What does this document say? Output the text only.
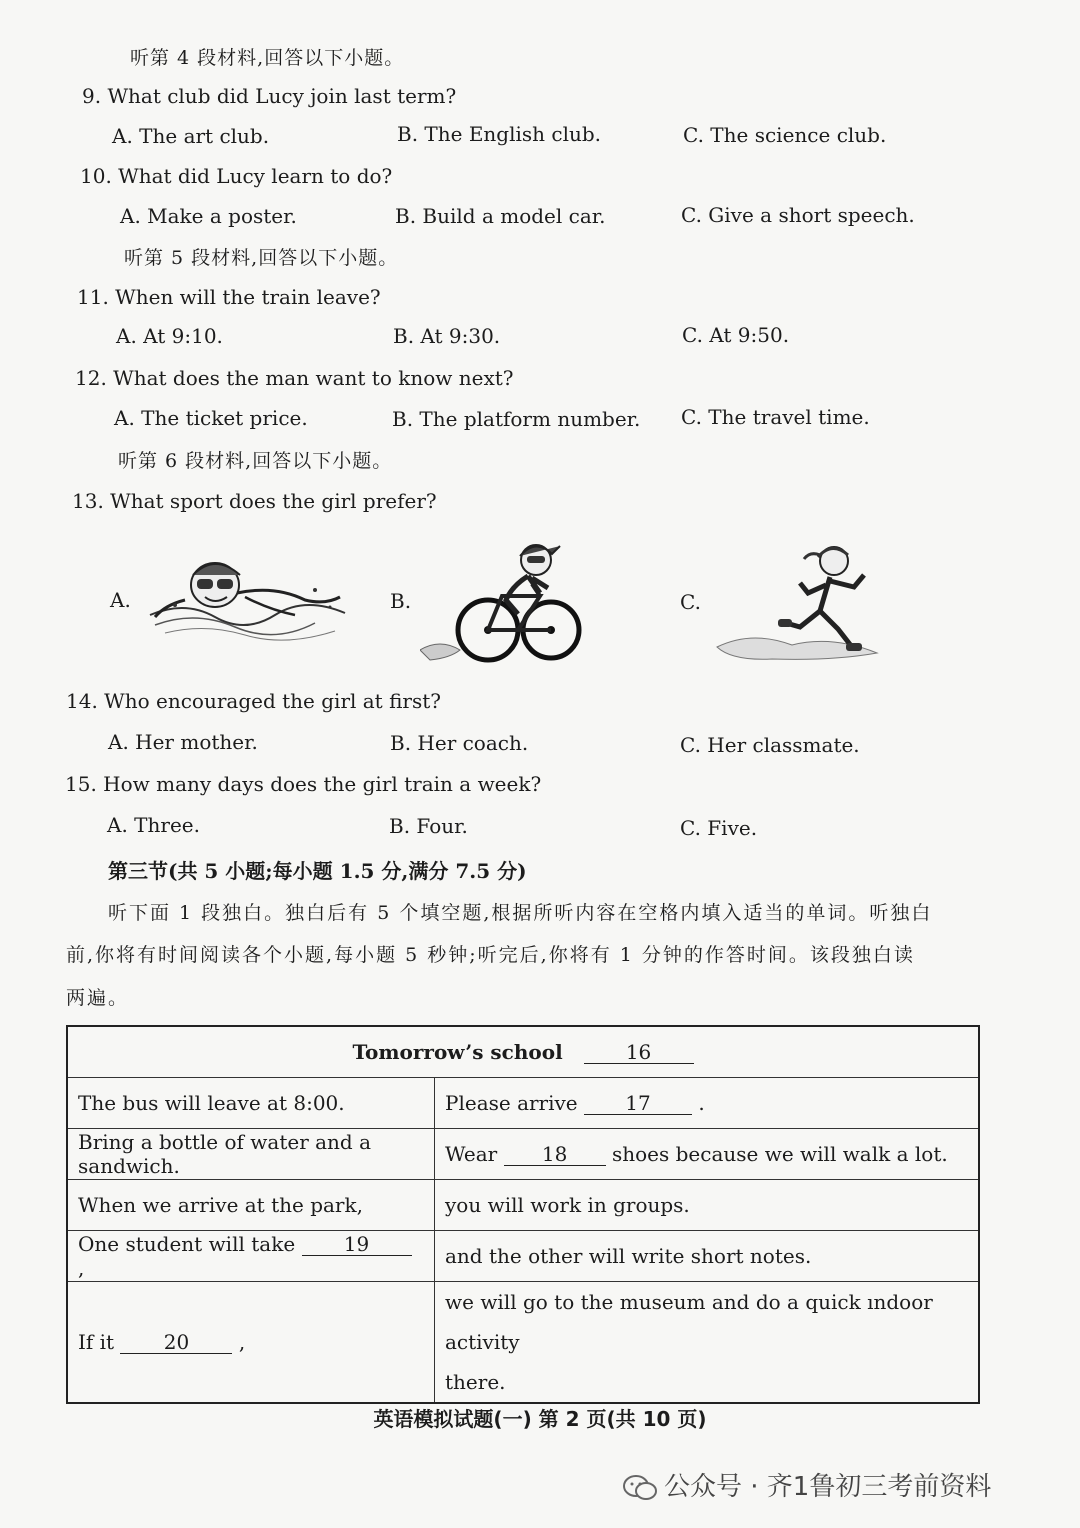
听第 4 段材料,回答以下小题。
9. What club did Lucy join last term?
A. The art club.	B. The English club.	C. The science club.
10. What did Lucy learn to do?
A. Make a poster.	B. Build a model car.	C. Give a short speech.
听第 5 段材料,回答以下小题。
11. When will the train leave?
A. At 9:10.	B. At 9:30.	C. At 9:50.
12. What does the man want to know next?
A. The ticket price.	B. The platform number. C. The travel time.
听第 6 段材料,回答以下小题。
13. What sport does the girl prefer?
A.	B.	C.
14. Who encouraged the girl at first?
A. Her mother.	B. Her coach.	C. Her classmate.
15. How many days does the girl train a week?
A. Three.	B. Four.	C. Five.
第三节(共 5 小题;每小题 1.5 分,满分 7.5 分)
听下面 1 段独白。独白后有 5 个填空题,根据所听内容在空格内填入适当的单词。听独白
前,你将有时间阅读各个小题,每小题 5 秒钟;听完后,你将有 1 分钟的作答时间。该段独白读
两遍。
Tomorrow’s school 16	
The bus will leave at 8:00.	Please arrive 17 .
Bring a bottle of water and a sandwich.	Wear 18 shoes because we will walk a lot.
When we arrive at the park,	you will work in groups.
One student will take 19 ,	and the other will write short notes.
If it 20 ,	we will go to the museum and do a quick ındoor activity
there.
英语模拟试题(一) 第 2 页(共 10 页)
公众号 · 齐1鲁初三考前资料
